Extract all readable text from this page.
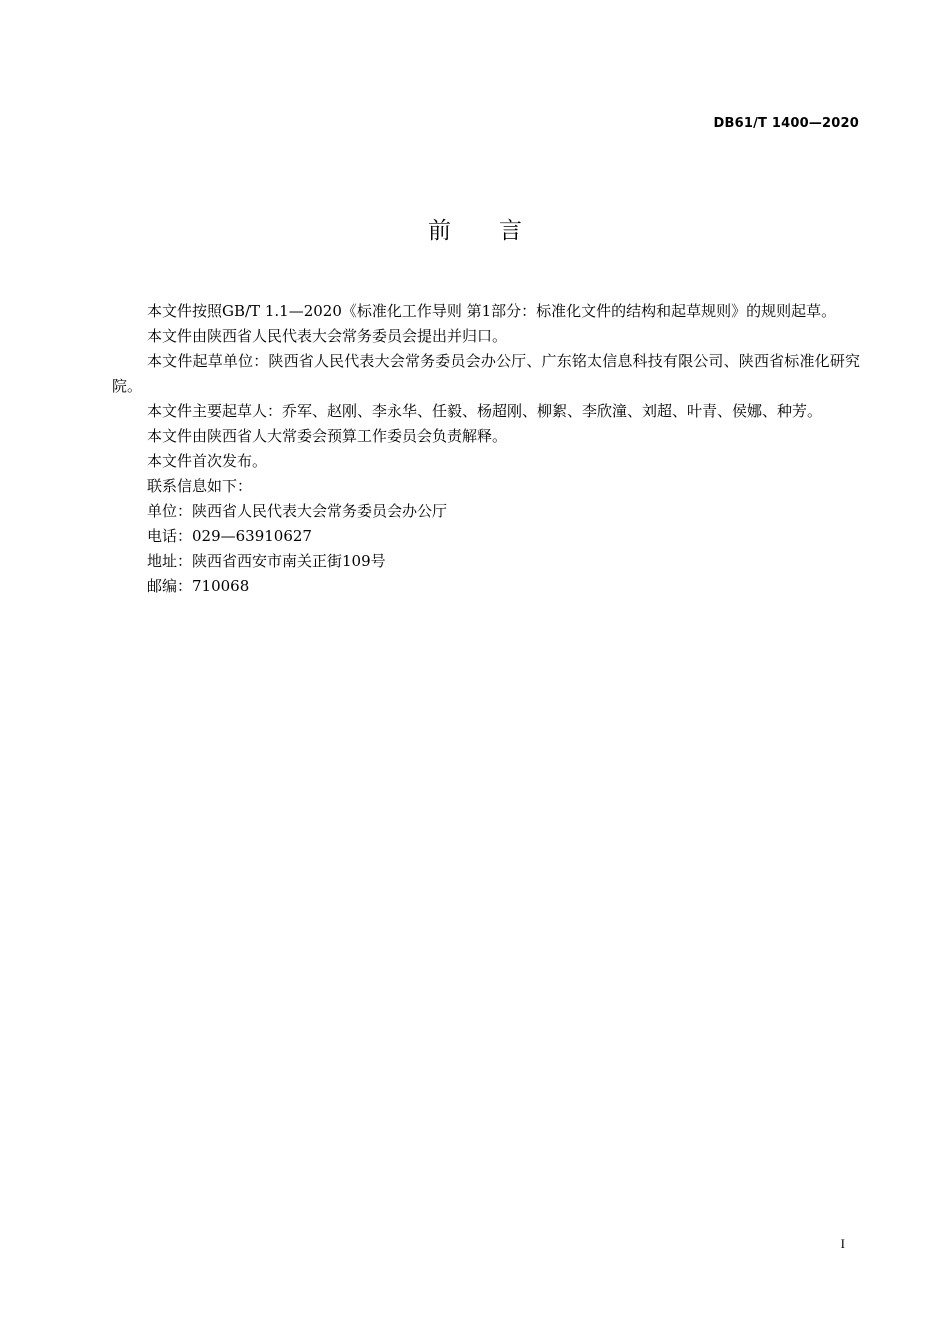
DB61/T 1400—2020
前 言

本文件按照GB/T 1.1—2020《标准化工作导则 第1部分：标准化文件的结构和起草规则》的规则起草。

本文件由陕西省人民代表大会常务委员会提出并归口。

本文件起草单位：陕西省人民代表大会常务委员会办公厅、广东铭太信息科技有限公司、陕西省标准化研究院。

本文件主要起草人：乔军、赵刚、李永华、任毅、杨超刚、柳絮、李欣潼、刘超、叶青、侯娜、种芳。

本文件由陕西省人大常委会预算工作委员会负责解释。

本文件首次发布。

联系信息如下：

单位：陕西省人民代表大会常务委员会办公厅

电话：029—63910627

地址：陕西省西安市南关正街109号

邮编：710068

I
